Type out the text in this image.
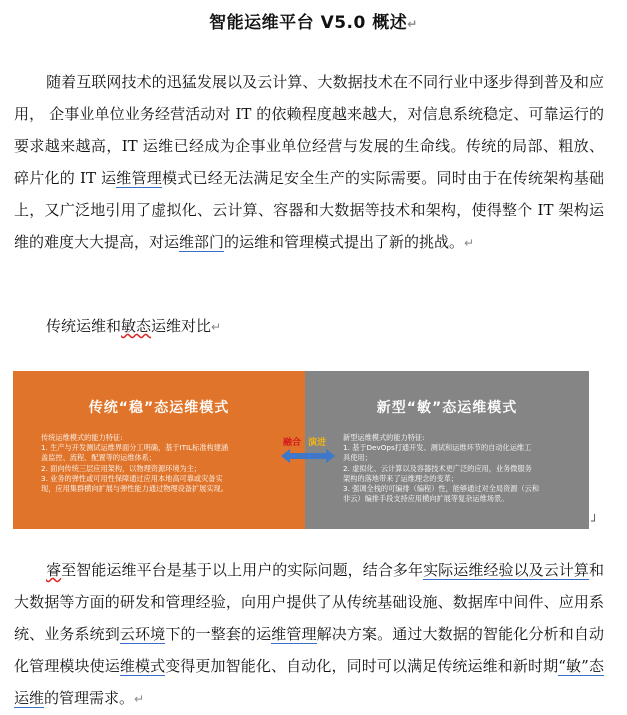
智能运维平台 V5.0 概述↵

随着互联网技术的迅猛发展以及云计算、大数据技术在不同行业中逐步得到普及和应用， 企事业单位业务经营活动对 IT 的依赖程度越来越大，对信息系统稳定、可靠运行的要求越来越高，IT 运维已经成为企事业单位经营与发展的生命线。传统的局部、粗放、碎片化的 IT 运维管理模式已经无法满足安全生产的实际需要。同时由于在传统架构基础上，又广泛地引用了虚拟化、云计算、容器和大数据等技术和架构，使得整个 IT 架构运维的难度大大提高，对运维部门的运维和管理模式提出了新的挑战。↵

传统运维和敏态运维对比↵
传统“稳”态运维模式
传统运维模式的能力特征:
1. 生产与开发测试运维界面分工明确，基于ITIL标准构建涵
盖监控、流程、配置等的运维体系；
2. 面向传统三层应用架构，以物理资源环境为主；
3. 业务的弹性或可用性保障通过应用本地高可靠或灾备实
现，应用集群横向扩展与弹性能力通过物理设备扩展实现。
新型“敏”态运维模式
新型运维模式的能力特征:
1. 基于DevOps打通开发、测试和运维环节的自动化运维工
具使用；
2. 虚拟化、云计算以及容器技术更广泛的应用，业务微服务
架构的落地带来了运维理念的变革；
3. 强调全栈的可编排（编程）性，能够通过对全局资源（云和
非云）编排手段支持应用横向扩展等复杂运维场景。
融合 演进
┘

睿至智能运维平台是基于以上用户的实际问题，结合多年实际运维经验以及云计算和大数据等方面的研发和管理经验，向用户提供了从传统基础设施、数据库中间件、应用系统、业务系统到云环境下的一整套的运维管理解决方案。通过大数据的智能化分析和自动化管理模块使运维模式变得更加智能化、自动化，同时可以满足传统运维和新时期“敏”态运维的管理需求。↵
